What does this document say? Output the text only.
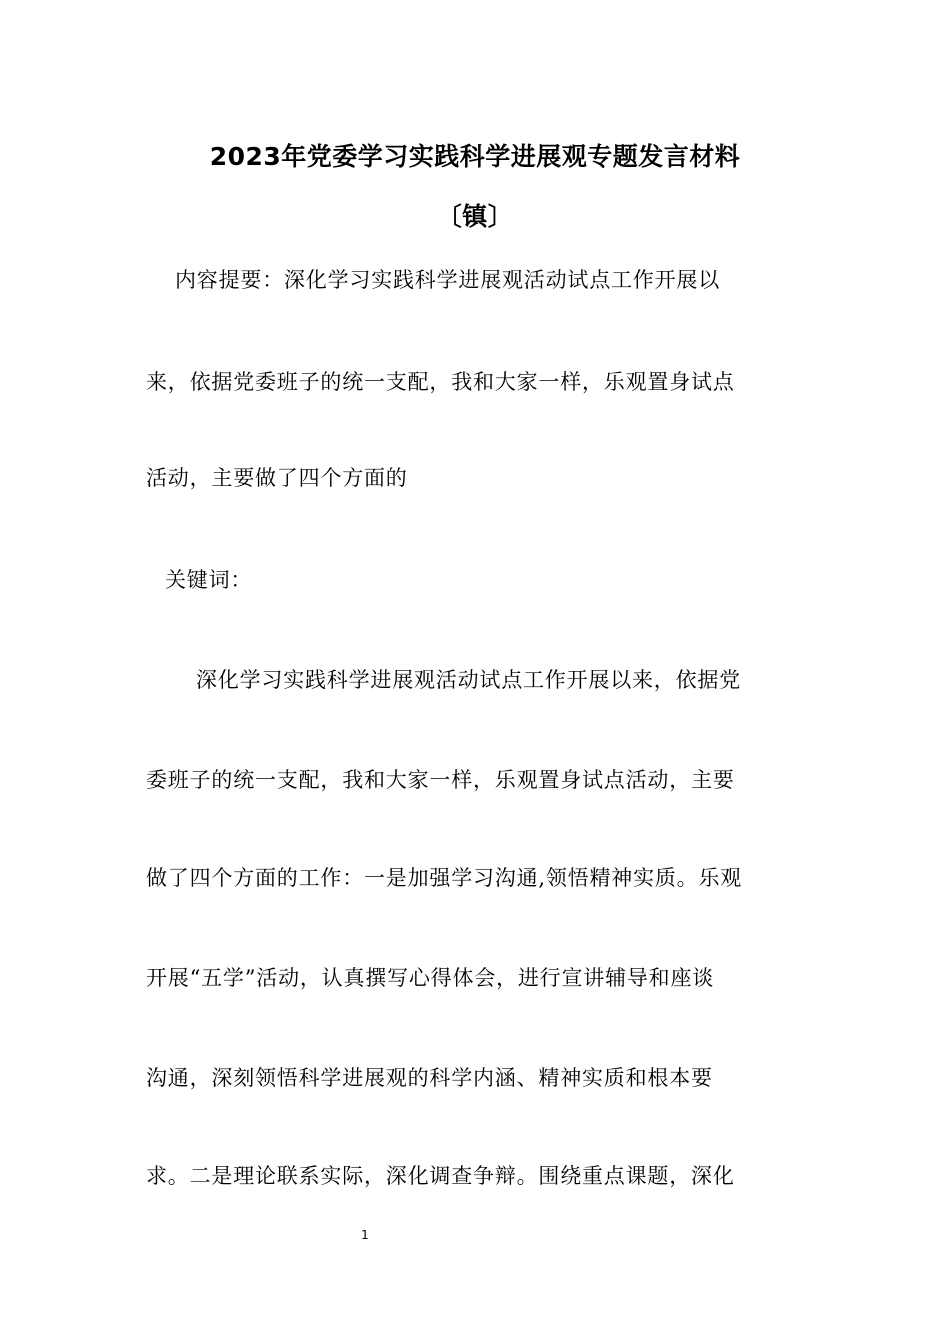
2023年党委学习实践科学进展观专题发言材料
〔镇〕
内容提要：深化学习实践科学进展观活动试点工作开展以
来，依据党委班子的统一支配，我和大家一样，乐观置身试点
活动，主要做了四个方面的
关键词：
深化学习实践科学进展观活动试点工作开展以来，依据党
委班子的统一支配，我和大家一样，乐观置身试点活动，主要
做了四个方面的工作：一是加强学习沟通,领悟精神实质。乐观
开展“五学”活动，认真撰写心得体会，进行宣讲辅导和座谈
沟通，深刻领悟科学进展观的科学内涵、精神实质和根本要
求。二是理论联系实际，深化调查争辩。围绕重点课题，深化
1
